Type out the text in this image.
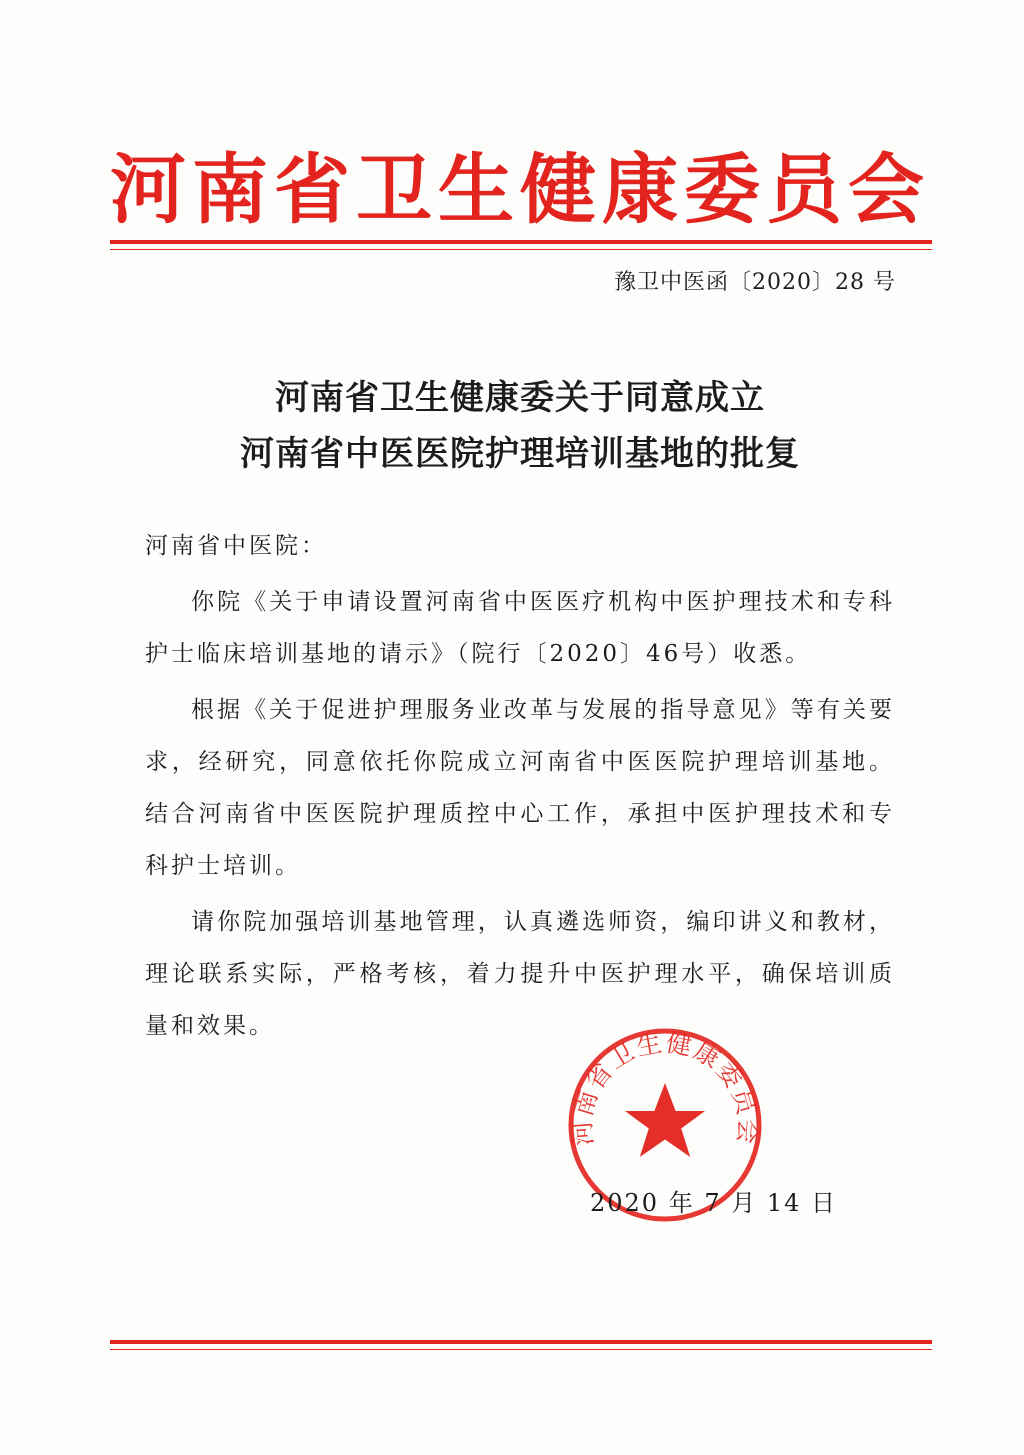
河南省卫生健康委员会
豫卫中医函〔2020〕28 号
河南省卫生健康委关于同意成立
河南省中医医院护理培训基地的批复

河南省中医院：

你院《关于申请设置河南省中医医疗机构中医护理技术和专科护士临床培训基地的请示》（院行〔2020〕46号）收悉。

根据《关于促进护理服务业改革与发展的指导意见》等有关要求，经研究，同意依托你院成立河南省中医医院护理培训基地。结合河南省中医医院护理质控中心工作，承担中医护理技术和专科护士培训。

请你院加强培训基地管理，认真遴选师资，编印讲义和教材，理论联系实际，严格考核，着力提升中医护理水平，确保培训质量和效果。

河南省卫生健康委员会
2020 年 7 月 14 日
